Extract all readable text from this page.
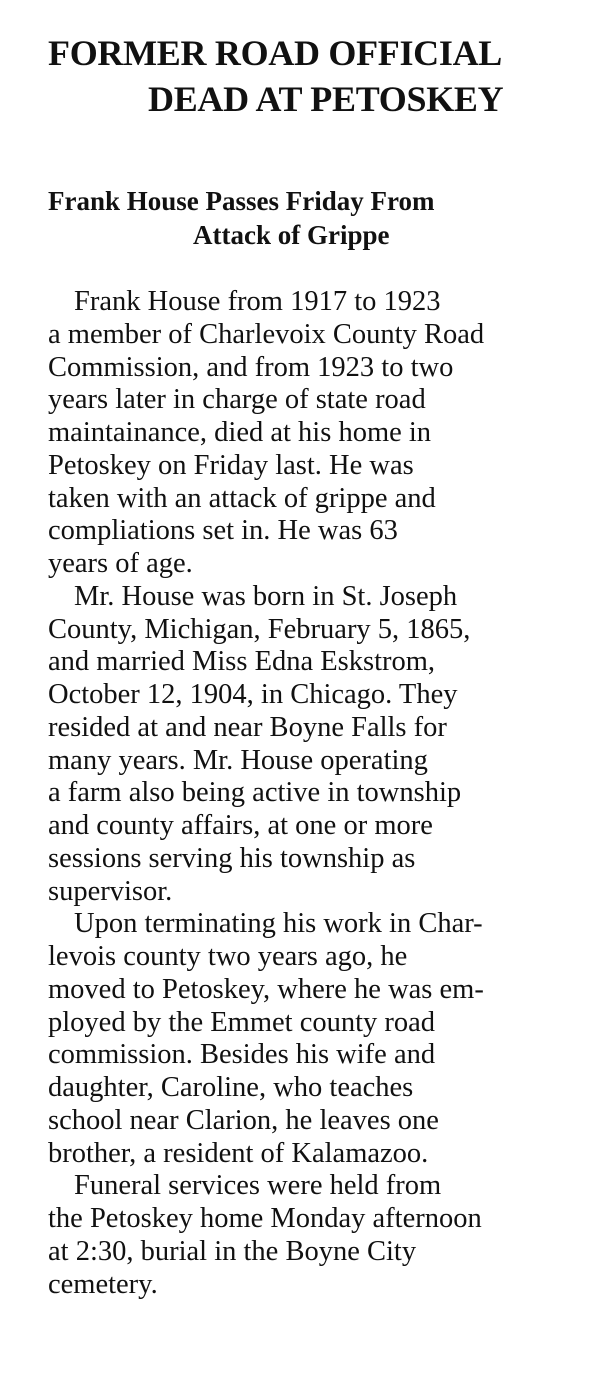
FORMER ROAD OFFICIAL
DEAD AT PETOSKEY
Frank House Passes Friday From
Attack of Grippe
Frank House from 1917 to 1923
a member of Charlevoix County Road
Commission, and from 1923 to two
years later in charge of state road
maintainance, died at his home in
Petoskey on Friday last. He was
taken with an attack of grippe and
compliations set in. He was 63
years of age.
Mr. House was born in St. Joseph
County, Michigan, February 5, 1865,
and married Miss Edna Eskstrom,
October 12, 1904, in Chicago. They
resided at and near Boyne Falls for
many years. Mr. House operating
a farm also being active in township
and county affairs, at one or more
sessions serving his township as
supervisor.
Upon terminating his work in Char-
levois county two years ago, he
moved to Petoskey, where he was em-
ployed by the Emmet county road
commission. Besides his wife and
daughter, Caroline, who teaches
school near Clarion, he leaves one
brother, a resident of Kalamazoo.
Funeral services were held from
the Petoskey home Monday afternoon
at 2:30, burial in the Boyne City
cemetery.
